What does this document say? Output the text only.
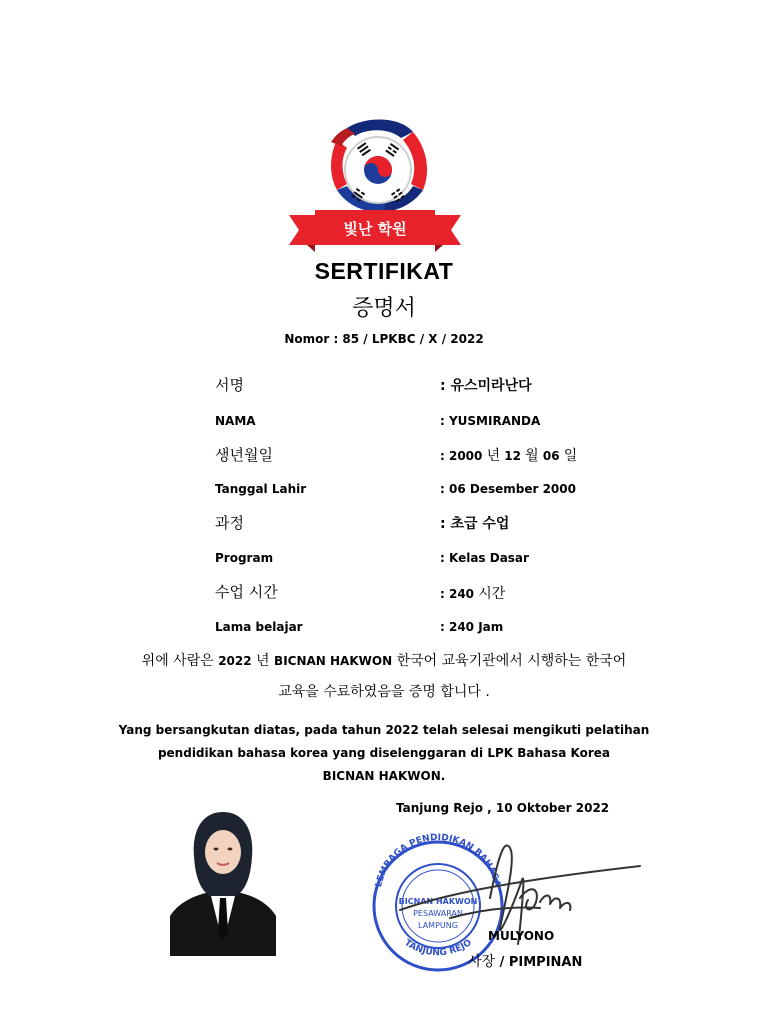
빛난 학원
SERTIFIKAT
증명서
Nomor : 85 / LPKBC / X / 2022
서명	: 유스미라난다
NAMA	: YUSMIRANDA
생년월일	: 2000 년 12 월 06 일
Tanggal Lahir	: 06 Desember 2000
과정	: 초급 수업
Program	: Kelas Dasar
수업 시간	: 240 시간
Lama belajar	: 240 Jam
위에 사람은 2022 년 BICNAN HAKWON 한국어 교육기관에서 시행하는 한국어
교육을 수료하였음을 증명 합니다 .
Yang bersangkutan diatas, pada tahun 2022 telah selesai mengikuti pelatihan
pendidikan bahasa korea yang diselenggaran di LPK Bahasa Korea
BICNAN HAKWON.
Tanjung Rejo , 10 Oktober 2022
LEMBAGA PENDIDIKAN BAHASA
TANJUNG REJO
BICNAN HAKWON
PESAWARAN
LAMPUNG
MULYONO
사장 / PIMPINAN
